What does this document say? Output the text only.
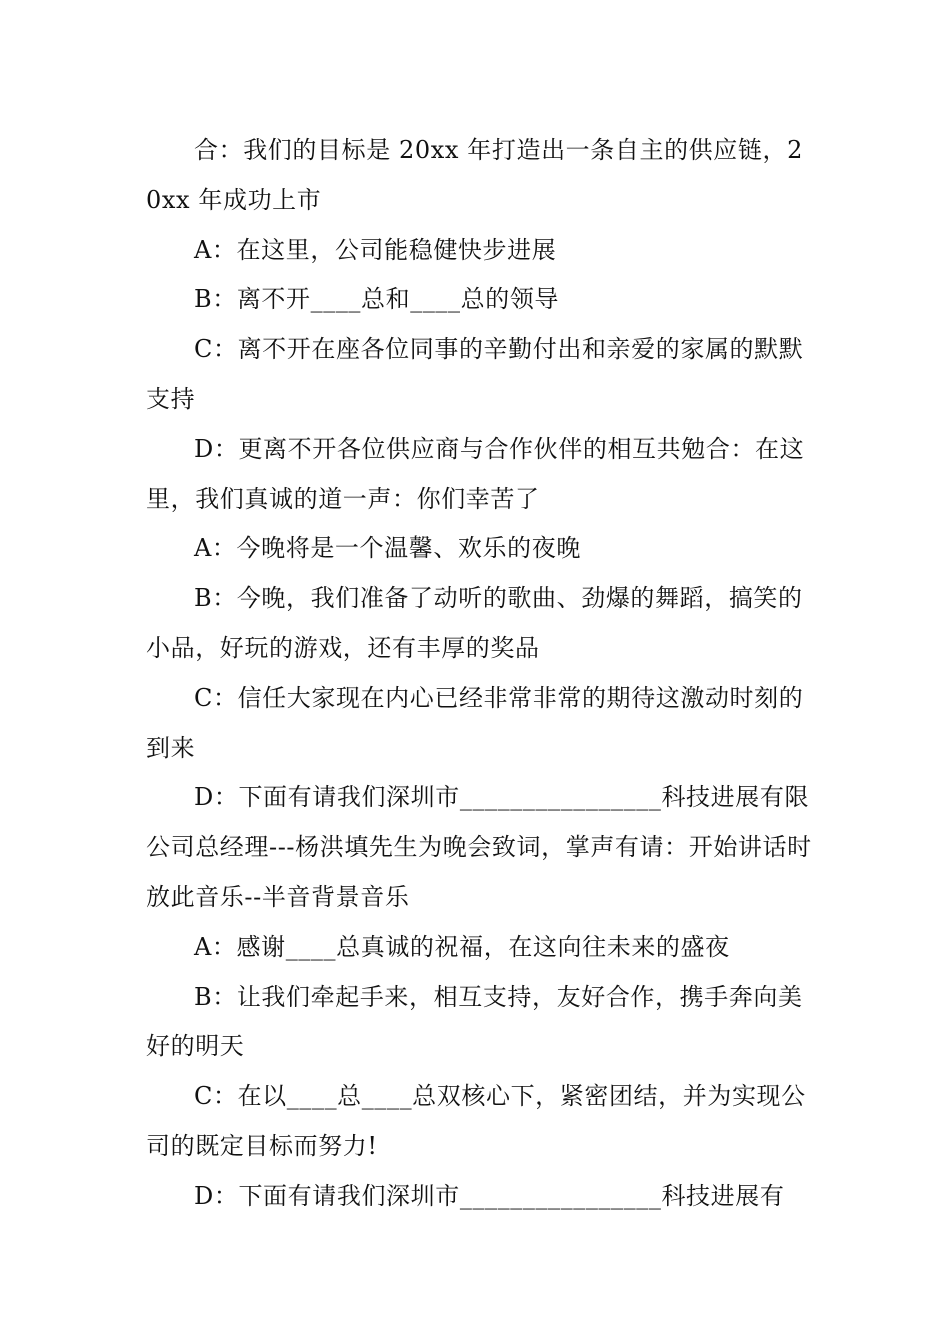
合：我们的目标是 20xx 年打造出一条自主的供应链，20xx 年成功上市

A：在这里，公司能稳健快步进展

B：离不开____总和____总的领导

C：离不开在座各位同事的辛勤付出和亲爱的家属的默默支持

D：更离不开各位供应商与合作伙伴的相互共勉合：在这里，我们真诚的道一声：你们幸苦了

A：今晚将是一个温馨、欢乐的夜晚

B：今晚，我们准备了动听的歌曲、劲爆的舞蹈，搞笑的小品，好玩的游戏，还有丰厚的奖品

C：信任大家现在内心已经非常非常的期待这激动时刻的到来

D：下面有请我们深圳市________________科技进展有限公司总经理---杨洪填先生为晚会致词，掌声有请：开始讲话时放此音乐--半音背景音乐

A：感谢____总真诚的祝福，在这向往未来的盛夜

B：让我们牵起手来，相互支持，友好合作，携手奔向美好的明天

C：在以____总____总双核心下，紧密团结，并为实现公司的既定目标而努力!

D：下面有请我们深圳市________________科技进展有
